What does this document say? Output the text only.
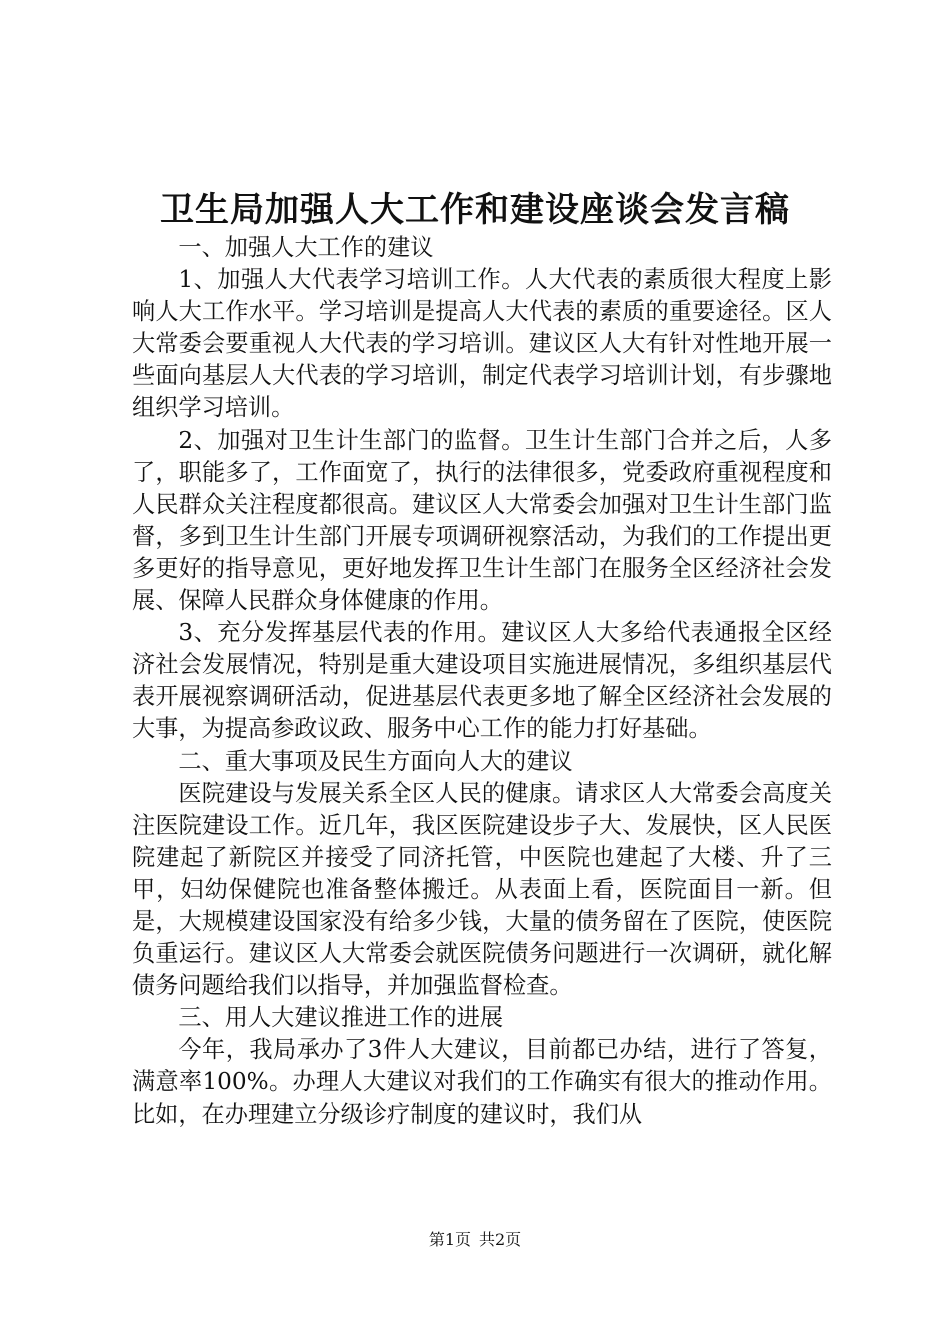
卫生局加强人大工作和建设座谈会发言稿

一、加强人大工作的建议

1、加强人大代表学习培训工作。人大代表的素质很大程度上影响人大工作水平。学习培训是提高人大代表的素质的重要途径。区人大常委会要重视人大代表的学习培训。建议区人大有针对性地开展一些面向基层人大代表的学习培训，制定代表学习培训计划，有步骤地组织学习培训。

2、加强对卫生计生部门的监督。卫生计生部门合并之后，人多了，职能多了，工作面宽了，执行的法律很多，党委政府重视程度和人民群众关注程度都很高。建议区人大常委会加强对卫生计生部门监督，多到卫生计生部门开展专项调研视察活动，为我们的工作提出更多更好的指导意见，更好地发挥卫生计生部门在服务全区经济社会发展、保障人民群众身体健康的作用。

3、充分发挥基层代表的作用。建议区人大多给代表通报全区经济社会发展情况，特别是重大建设项目实施进展情况，多组织基层代表开展视察调研活动，促进基层代表更多地了解全区经济社会发展的大事，为提高参政议政、服务中心工作的能力打好基础。

二、重大事项及民生方面向人大的建议

医院建设与发展关系全区人民的健康。请求区人大常委会高度关注医院建设工作。近几年，我区医院建设步子大、发展快，区人民医院建起了新院区并接受了同济托管，中医院也建起了大楼、升了三甲，妇幼保健院也准备整体搬迁。从表面上看，医院面目一新。但是，大规模建设国家没有给多少钱，大量的债务留在了医院，使医院负重运行。建议区人大常委会就医院债务问题进行一次调研，就化解债务问题给我们以指导，并加强监督检查。

三、用人大建议推进工作的进展

今年，我局承办了3件人大建议，目前都已办结，进行了答复，满意率100%。办理人大建议对我们的工作确实有很大的推动作用。比如，在办理建立分级诊疗制度的建议时，我们从

第1页 共2页
